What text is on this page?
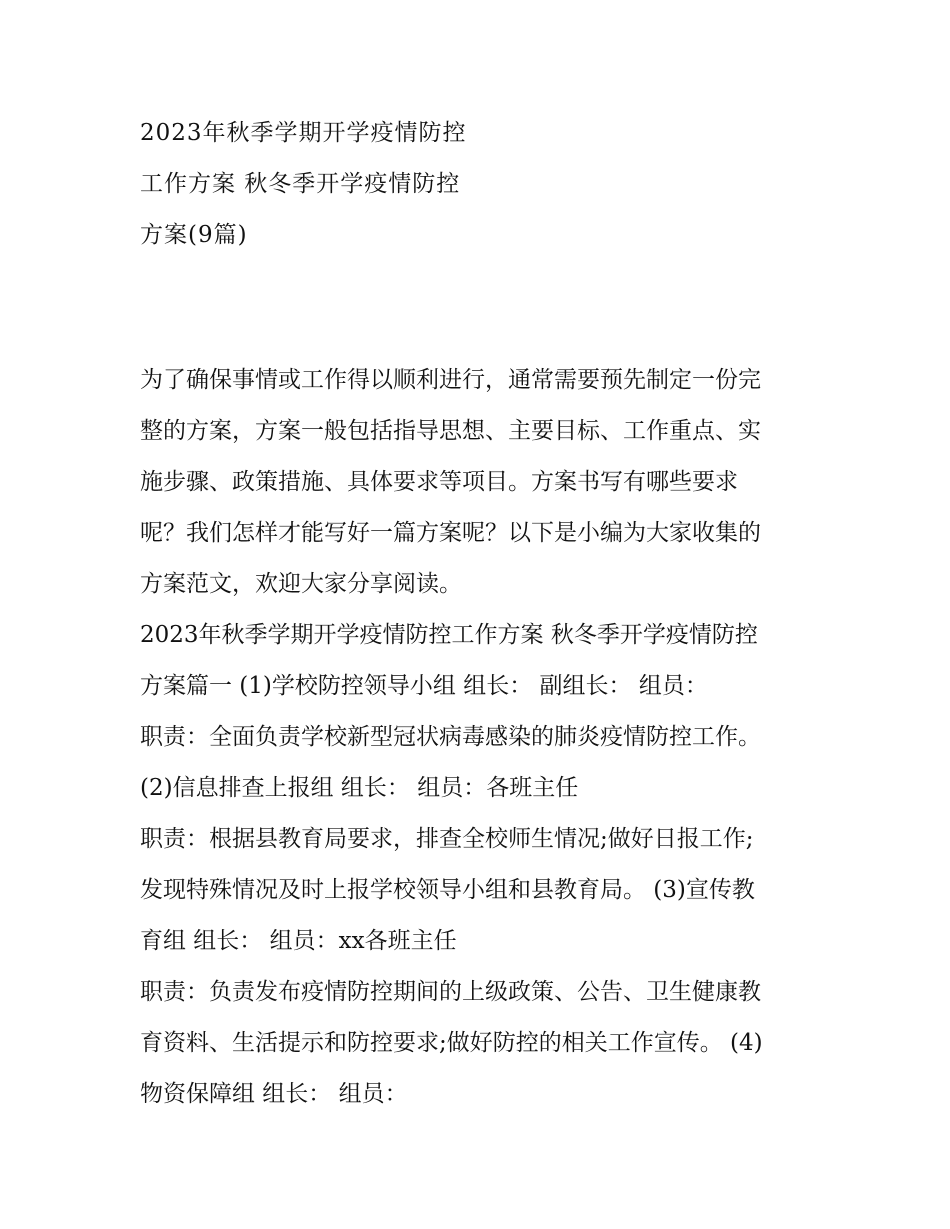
2023年秋季学期开学疫情防控
工作方案 秋冬季开学疫情防控
方案(9篇)
为了确保事情或工作得以顺利进行，通常需要预先制定一份完
整的方案，方案一般包括指导思想、主要目标、工作重点、实
施步骤、政策措施、具体要求等项目。方案书写有哪些要求
呢？我们怎样才能写好一篇方案呢？以下是小编为大家收集的
方案范文，欢迎大家分享阅读。
2023年秋季学期开学疫情防控工作方案 秋冬季开学疫情防控
方案篇一 (1)学校防控领导小组 组长： 副组长： 组员：
职责：全面负责学校新型冠状病毒感染的肺炎疫情防控工作。
(2)信息排查上报组 组长： 组员：各班主任
职责：根据县教育局要求，排查全校师生情况;做好日报工作;
发现特殊情况及时上报学校领导小组和县教育局。 (3)宣传教
育组 组长： 组员：xx各班主任
职责：负责发布疫情防控期间的上级政策、公告、卫生健康教
育资料、生活提示和防控要求;做好防控的相关工作宣传。 (4)
物资保障组 组长： 组员：
